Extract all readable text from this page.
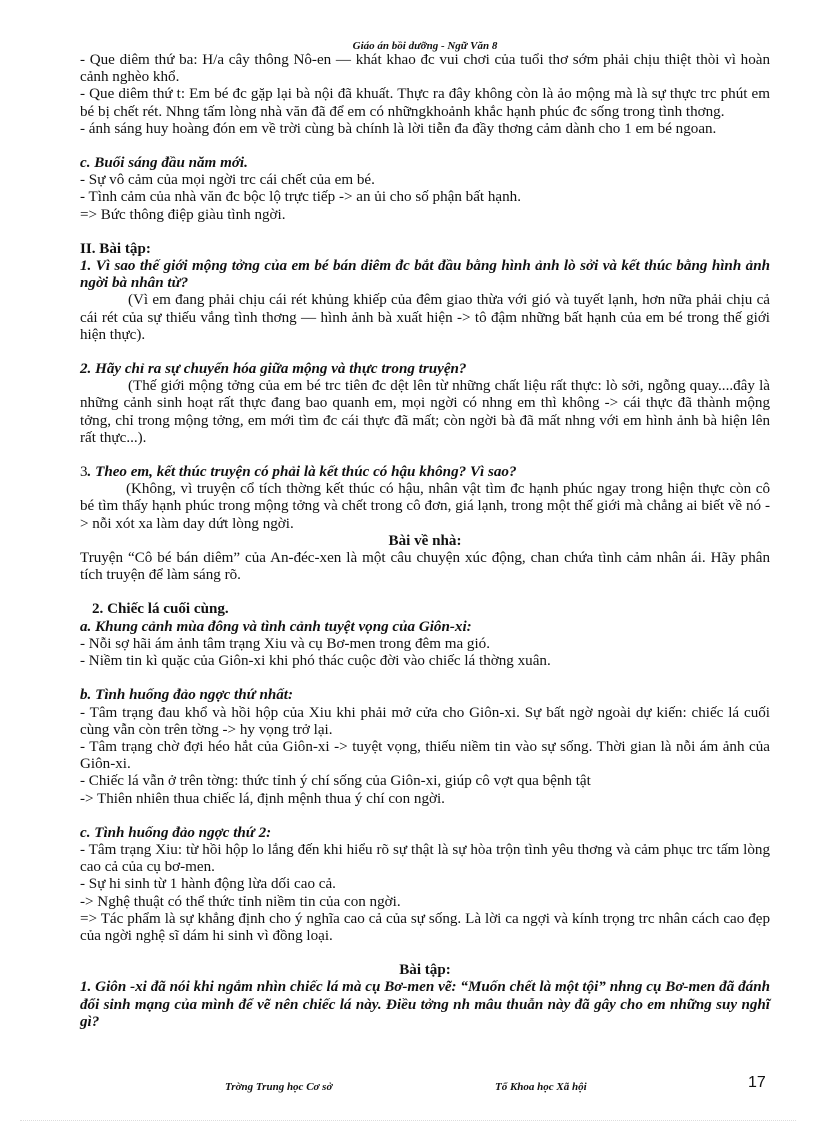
Giáo án bồi dưỡng - Ngữ Văn 8

- Que diêm thứ ba: H/a cây thông Nô-en — khát khao đc vui chơi của tuổi thơ sớm phải chịu thiệt thòi vì hoàn cảnh nghèo khổ.

- Que diêm thứ t: Em bé đc gặp lại bà nội đã khuất. Thực ra đây không còn là ảo mộng mà là sự thực trc phút em bé bị chết rét. Nhng tấm lòng nhà văn đã để em có nhữngkhoảnh khắc hạnh phúc đc sống trong tình thơng.

- ánh sáng huy hoàng đón em về trời cùng bà chính là lời tiễn đa đầy thơng cảm dành cho 1 em bé ngoan.

c. Buổi sáng đầu năm mới.

- Sự vô cảm của mọi ngời trc cái chết của em bé.

- Tình cảm của nhà văn đc bộc lộ trực tiếp -> an ủi cho số phận bất hạnh.

=> Bức thông điệp giàu tình ngời.

II. Bài tập:

1. Vì sao thế giới mộng tởng của em bé bán diêm đc bắt đầu bằng hình ảnh lò sởi và kết thúc bằng hình ảnh ngời bà nhân từ?

(Vì em đang phải chịu cái rét khủng khiếp của đêm giao thừa với gió và tuyết lạnh, hơn nữa phải chịu cả cái rét của sự thiếu vắng tình thơng — hình ảnh bà xuất hiện -> tô đậm những bất hạnh của em bé trong thế giới hiện thực).

2. Hãy chỉ ra sự chuyển hóa giữa mộng và thực trong truyện?

(Thế giới mộng tởng của em bé trc tiên đc dệt lên từ những chất liệu rất thực: lò sởi, ngỗng quay....đây là những cảnh sinh hoạt rất thực đang bao quanh em, mọi ngời có nhng em thì không -> cái thực đã thành mộng tởng, chỉ trong mộng tởng, em mới tìm đc cái thực đã mất; còn ngời bà đã mất nhng với em hình ảnh bà hiện lên rất thực...).

3. Theo em, kết thúc truyện có phải là kết thúc có hậu không? Vì sao?

(Không, vì truyện cổ tích thờng kết thúc có hậu, nhân vật tìm đc hạnh phúc ngay trong hiện thực còn cô bé tìm thấy hạnh phúc trong mộng tởng và chết trong cô đơn, giá lạnh, trong một thế giới mà chẳng ai biết về nó -> nỗi xót xa làm day dứt lòng ngời.

Bài về nhà:

Truyện “Cô bé bán diêm” của An-đéc-xen là một câu chuyện xúc động, chan chứa tình cảm nhân ái. Hãy phân tích truyện để làm sáng rõ.

2. Chiếc lá cuối cùng.

a. Khung cảnh mùa đông và tình cảnh tuyệt vọng của Giôn-xi:

- Nỗi sợ hãi ám ảnh tâm trạng Xiu và cụ Bơ-men trong đêm ma gió.

- Niềm tin kì quặc của Giôn-xi khi phó thác cuộc đời vào chiếc lá thờng xuân.

b. Tình huống đảo ngợc thứ nhất:

- Tâm trạng đau khổ và hồi hộp của Xiu khi phải mở cửa cho Giôn-xi. Sự bất ngờ ngoài dự kiến: chiếc lá cuối cùng vẫn còn trên tờng -> hy vọng trở lại.

- Tâm trạng chờ đợi héo hắt của Giôn-xi -> tuyệt vọng, thiếu niềm tin vào sự sống. Thời gian là nỗi ám ảnh của Giôn-xi.

- Chiếc lá vẫn ở trên tờng: thức tỉnh ý chí sống của Giôn-xi, giúp cô vợt qua bệnh tật

-> Thiên nhiên thua chiếc lá, định mệnh thua ý chí con ngời.

c. Tình huống đảo ngợc thứ 2:

- Tâm trạng Xiu: từ hồi hộp lo lắng đến khi hiểu rõ sự thật là sự hòa trộn tình yêu thơng và cảm phục trc tấm lòng cao cả của cụ bơ-men.

- Sự hi sinh từ 1 hành động lừa dối cao cả.

-> Nghệ thuật có thể thức tỉnh niềm tin của con ngời.

=> Tác phẩm là sự khẳng định cho ý nghĩa cao cả của sự sống. Là lời ca ngợi và kính trọng trc nhân cách cao đẹp của ngời nghệ sĩ dám hi sinh vì đồng loại.

Bài tập:

1. Giôn -xi đã nói khi ngắm nhìn chiếc lá mà cụ Bơ-men vẽ: “Muốn chết là một tội” nhng cụ Bơ-men đã đánh đổi sinh mạng của mình để vẽ nên chiếc lá này. Điều tởng nh mâu thuẫn này đã gây cho em những suy nghĩ gì?

Trờng Trung học Cơ sở	Tổ Khoa học Xã hội	17
